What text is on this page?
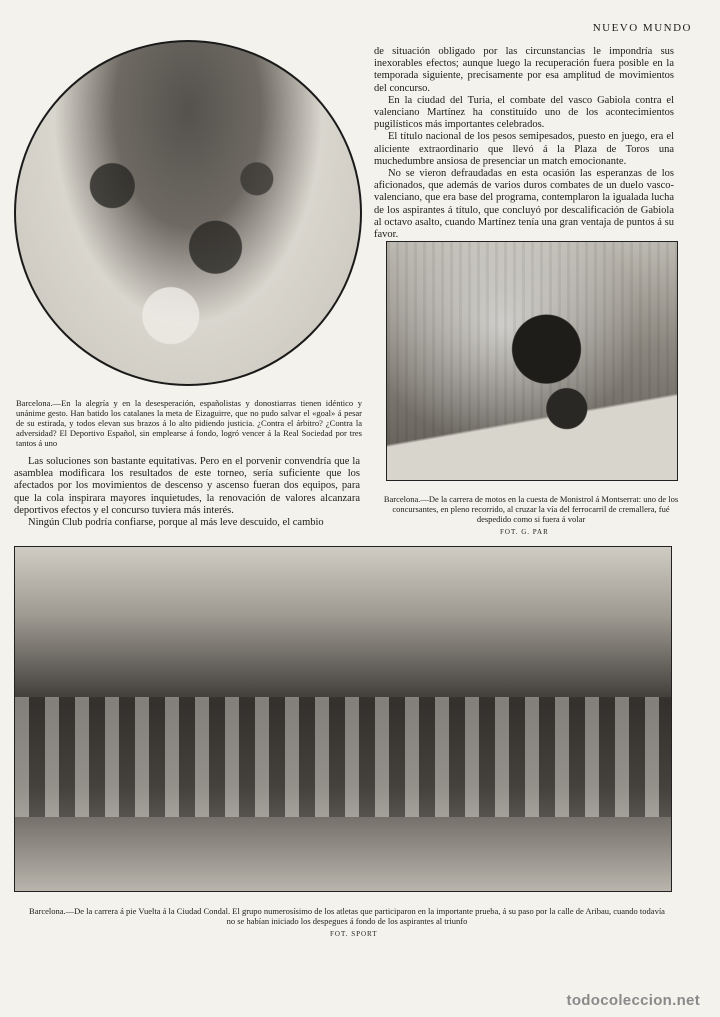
NUEVO MUNDO
Barcelona.—En la alegría y en la desesperación, españolistas y donostiarras tienen idéntico y unánime gesto. Han batido los catalanes la meta de Eizaguirre, que no pudo salvar el «goal» á pesar de su estirada, y todos elevan sus brazos á lo alto pidiendo justicia. ¿Contra el árbitro? ¿Contra la adversidad? El Deportivo Español, sin emplearse á fondo, logró vencer á la Real Sociedad por tres tantos á uno

de situación obligado por las circunstancias le impondría sus inexorables efectos; aunque luego la recuperación fuera posible en la temporada siguiente, precisamente por esa amplitud de movimientos del concurso.

En la ciudad del Turia, el combate del vasco Gabiola contra el valenciano Martínez ha constituído uno de los acontecimientos pugilísticos más importantes celebrados.

El título nacional de los pesos semipesados, puesto en juego, era el aliciente extraordinario que llevó á la Plaza de Toros una muchedumbre ansiosa de presenciar un match emocionante.

No se vieron defraudadas en esta ocasión las esperanzas de los aficionados, que además de varios duros combates de un duelo vasco-valenciano, que era base del programa, contemplaron la igualada lucha de los aspirantes á título, que concluyó por descalificación de Gabiola al octavo asalto, cuando Martínez tenía una gran ventaja de puntos á su favor.

Barcelona.—De la carrera de motos en la cuesta de Monistrol á Montserrat: uno de los concursantes, en pleno recorrido, al cruzar la vía del ferrocarril de cremallera, fué despedido como si fuera á volar
FOT. G. PAR

Las soluciones son bastante equitativas. Pero en el porvenir convendría que la asamblea modificara los resultados de este torneo, sería suficiente que los afectados por los movimientos de descenso y ascenso fueran dos equipos, para que la cola inspirara mayores inquietudes, la renovación de valores alcanzara deportivos efectos y el concurso tuviera más interés.

Ningún Club podría confiarse, porque al más leve descuido, el cambio

Barcelona.—De la carrera á pie Vuelta á la Ciudad Condal. El grupo numerosísimo de los atletas que participaron en la importante prueba, á su paso por la calle de Aribau, cuando todavía no se habían iniciado los despegues á fondo de los aspirantes al triunfo
FOT. SPORT
todocoleccion.net
